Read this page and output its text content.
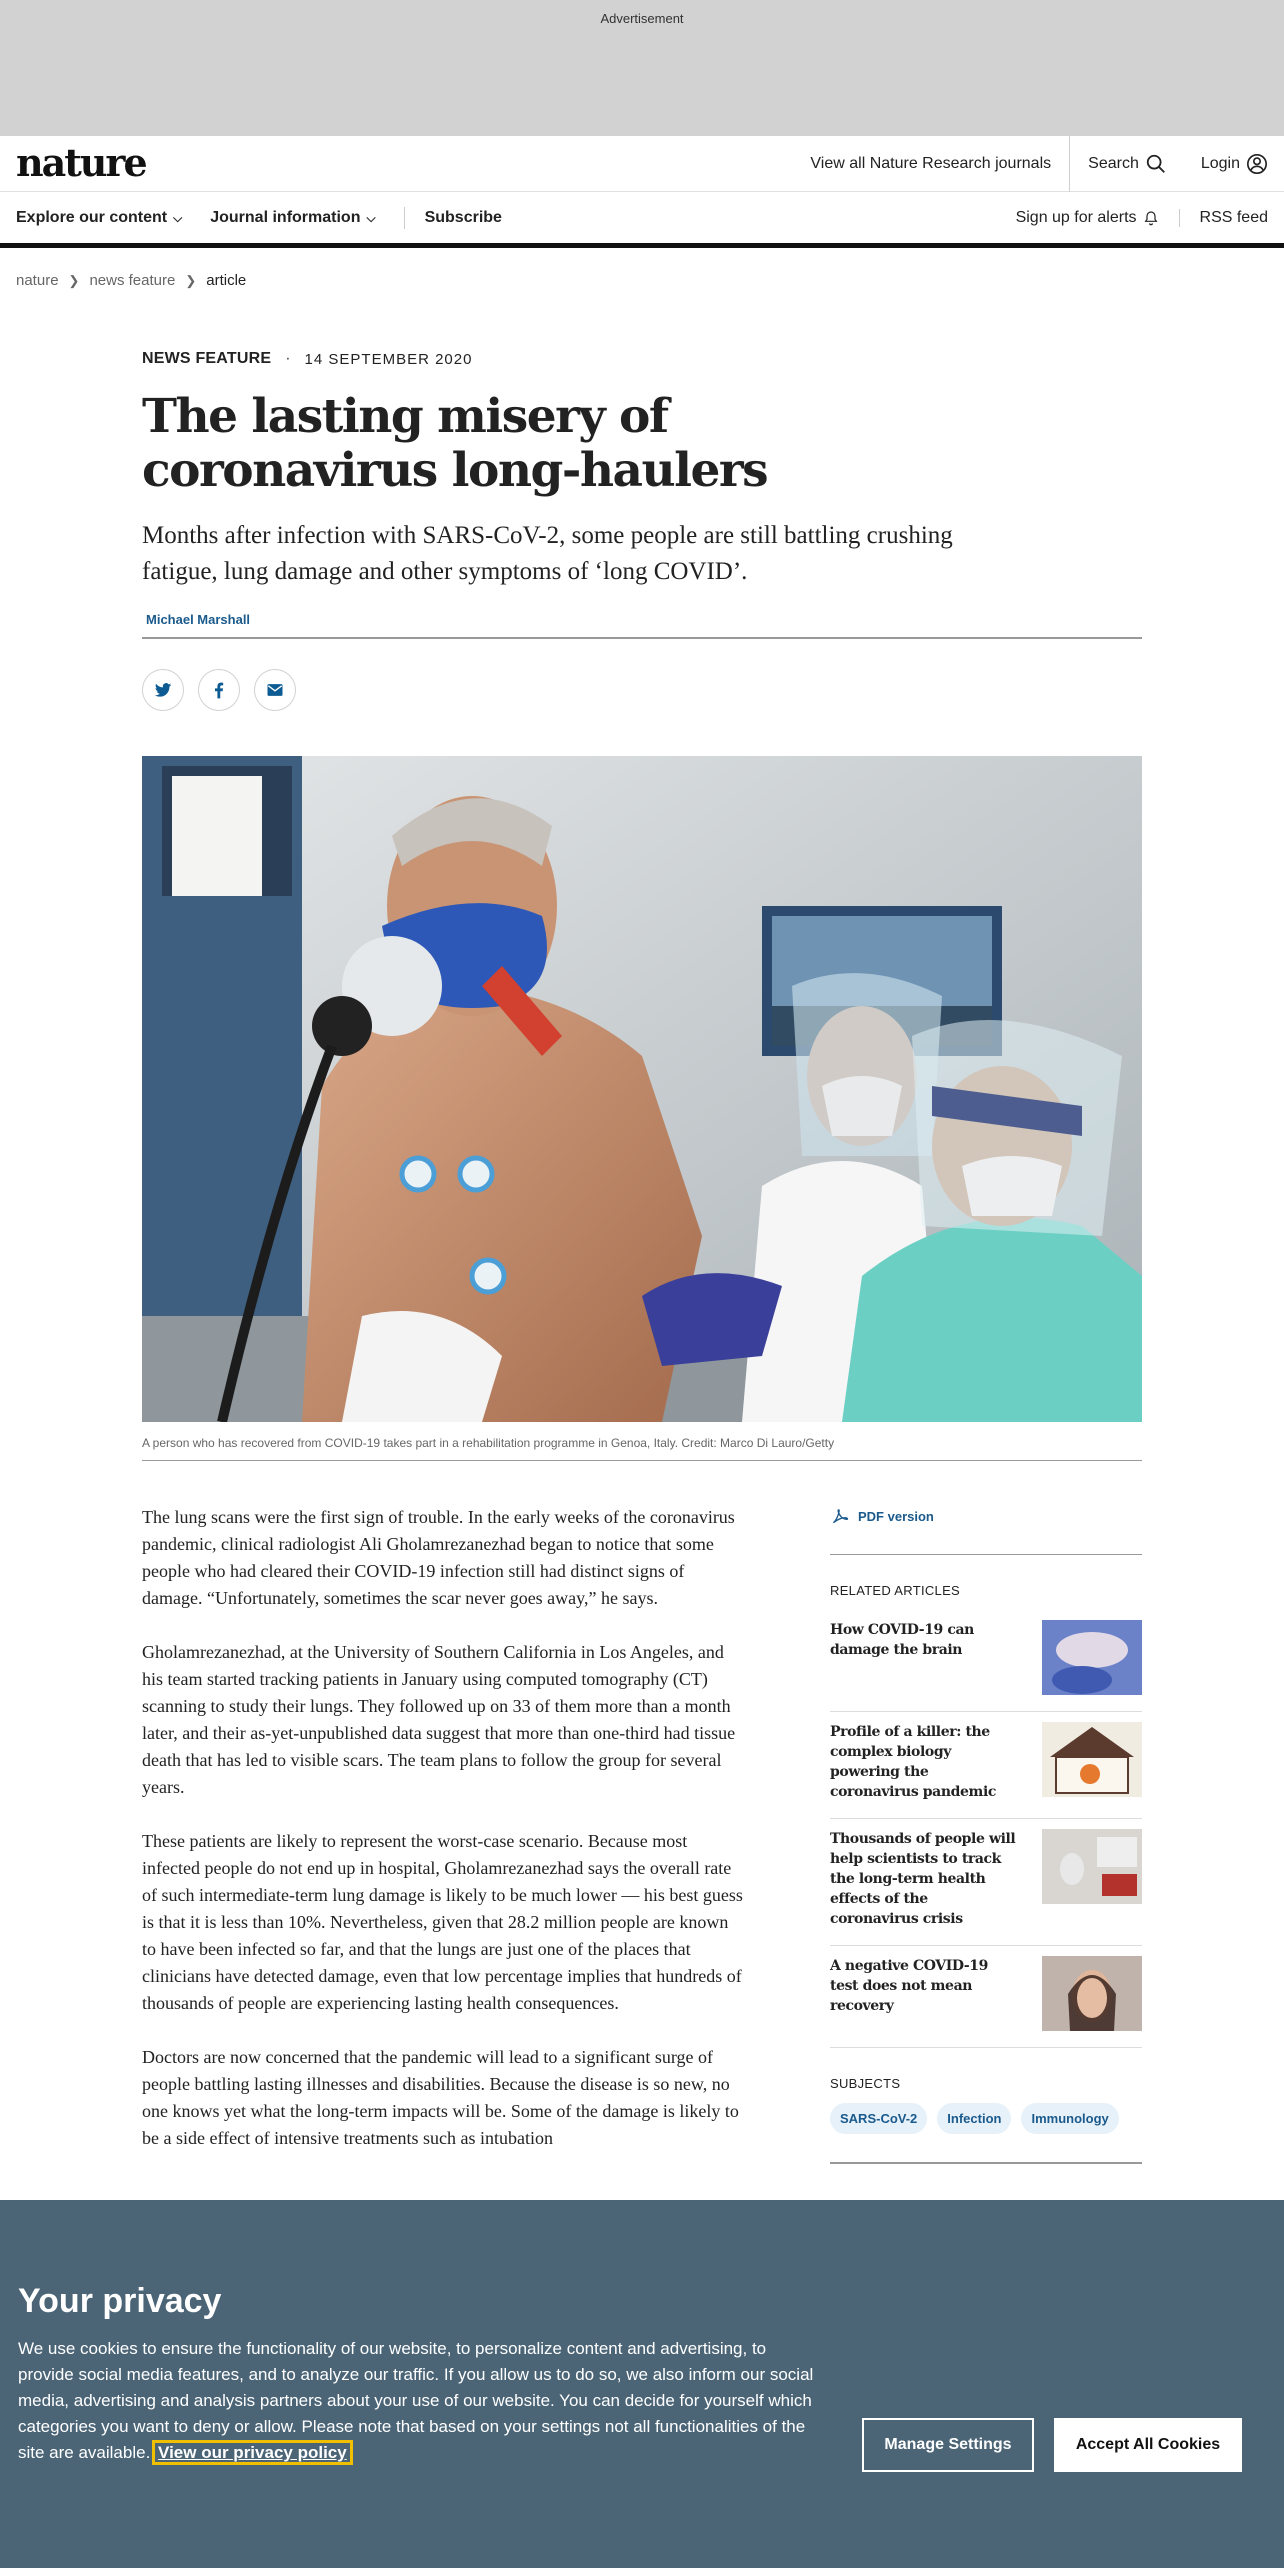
Advertisement
nature	View all Nature Research journals	Search	Login
Explore our content ⌵ Journal information ⌵	Subscribe	Sign up for alerts	RSS feed
nature ❯ news feature ❯ article
NEWS FEATURE · 14 SEPTEMBER 2020
The lasting misery of coronavirus long-haulers

Months after infection with SARS-CoV-2, some people are still battling crushing fatigue, lung damage and other symptoms of ‘long COVID’.

Michael Marshall
A person who has recovered from COVID-19 takes part in a rehabilitation programme in Genoa, Italy. Credit: Marco Di Lauro/Getty

The lung scans were the first sign of trouble. In the early weeks of the coronavirus pandemic, clinical radiologist Ali Gholamrezanezhad began to notice that some people who had cleared their COVID-19 infection still had distinct signs of damage. “Unfortunately, sometimes the scar never goes away,” he says.

Gholamrezanezhad, at the University of Southern California in Los Angeles, and his team started tracking patients in January using computed tomography (CT) scanning to study their lungs. They followed up on 33 of them more than a month later, and their as-yet-unpublished data suggest that more than one-third had tissue death that has led to visible scars. The team plans to follow the group for several years.

These patients are likely to represent the worst-case scenario. Because most infected people do not end up in hospital, Gholamrezanezhad says the overall rate of such intermediate-term lung damage is likely to be much lower — his best guess is that it is less than 10%. Nevertheless, given that 28.2 million people are known to have been infected so far, and that the lungs are just one of the places that clinicians have detected damage, even that low percentage implies that hundreds of thousands of people are experiencing lasting health consequences.

Doctors are now concerned that the pandemic will lead to a significant surge of people battling lasting illnesses and disabilities. Because the disease is so new, no one knows yet what the long-term impacts will be. Some of the damage is likely to be a side effect of intensive treatments such as intubation

PDF version
RELATED ARTICLES
How COVID-19 can damage the brain
Profile of a killer: the complex biology powering the coronavirus pandemic
Thousands of people will help scientists to track the long-term health effects of the coronavirus crisis
A negative COVID-19 test does not mean recovery
SUBJECTS
SARS-CoV-2	Infection	Immunology
Your privacy
We use cookies to ensure the functionality of our website, to personalize content and advertising, to provide social media features, and to analyze our traffic. If you allow us to do so, we also inform our social media, advertising and analysis partners about your use of our website. You can decide for yourself which categories you want to deny or allow. Please note that based on your settings not all functionalities of the site are available. View our privacy policy	Manage Settings	Accept All Cookies
